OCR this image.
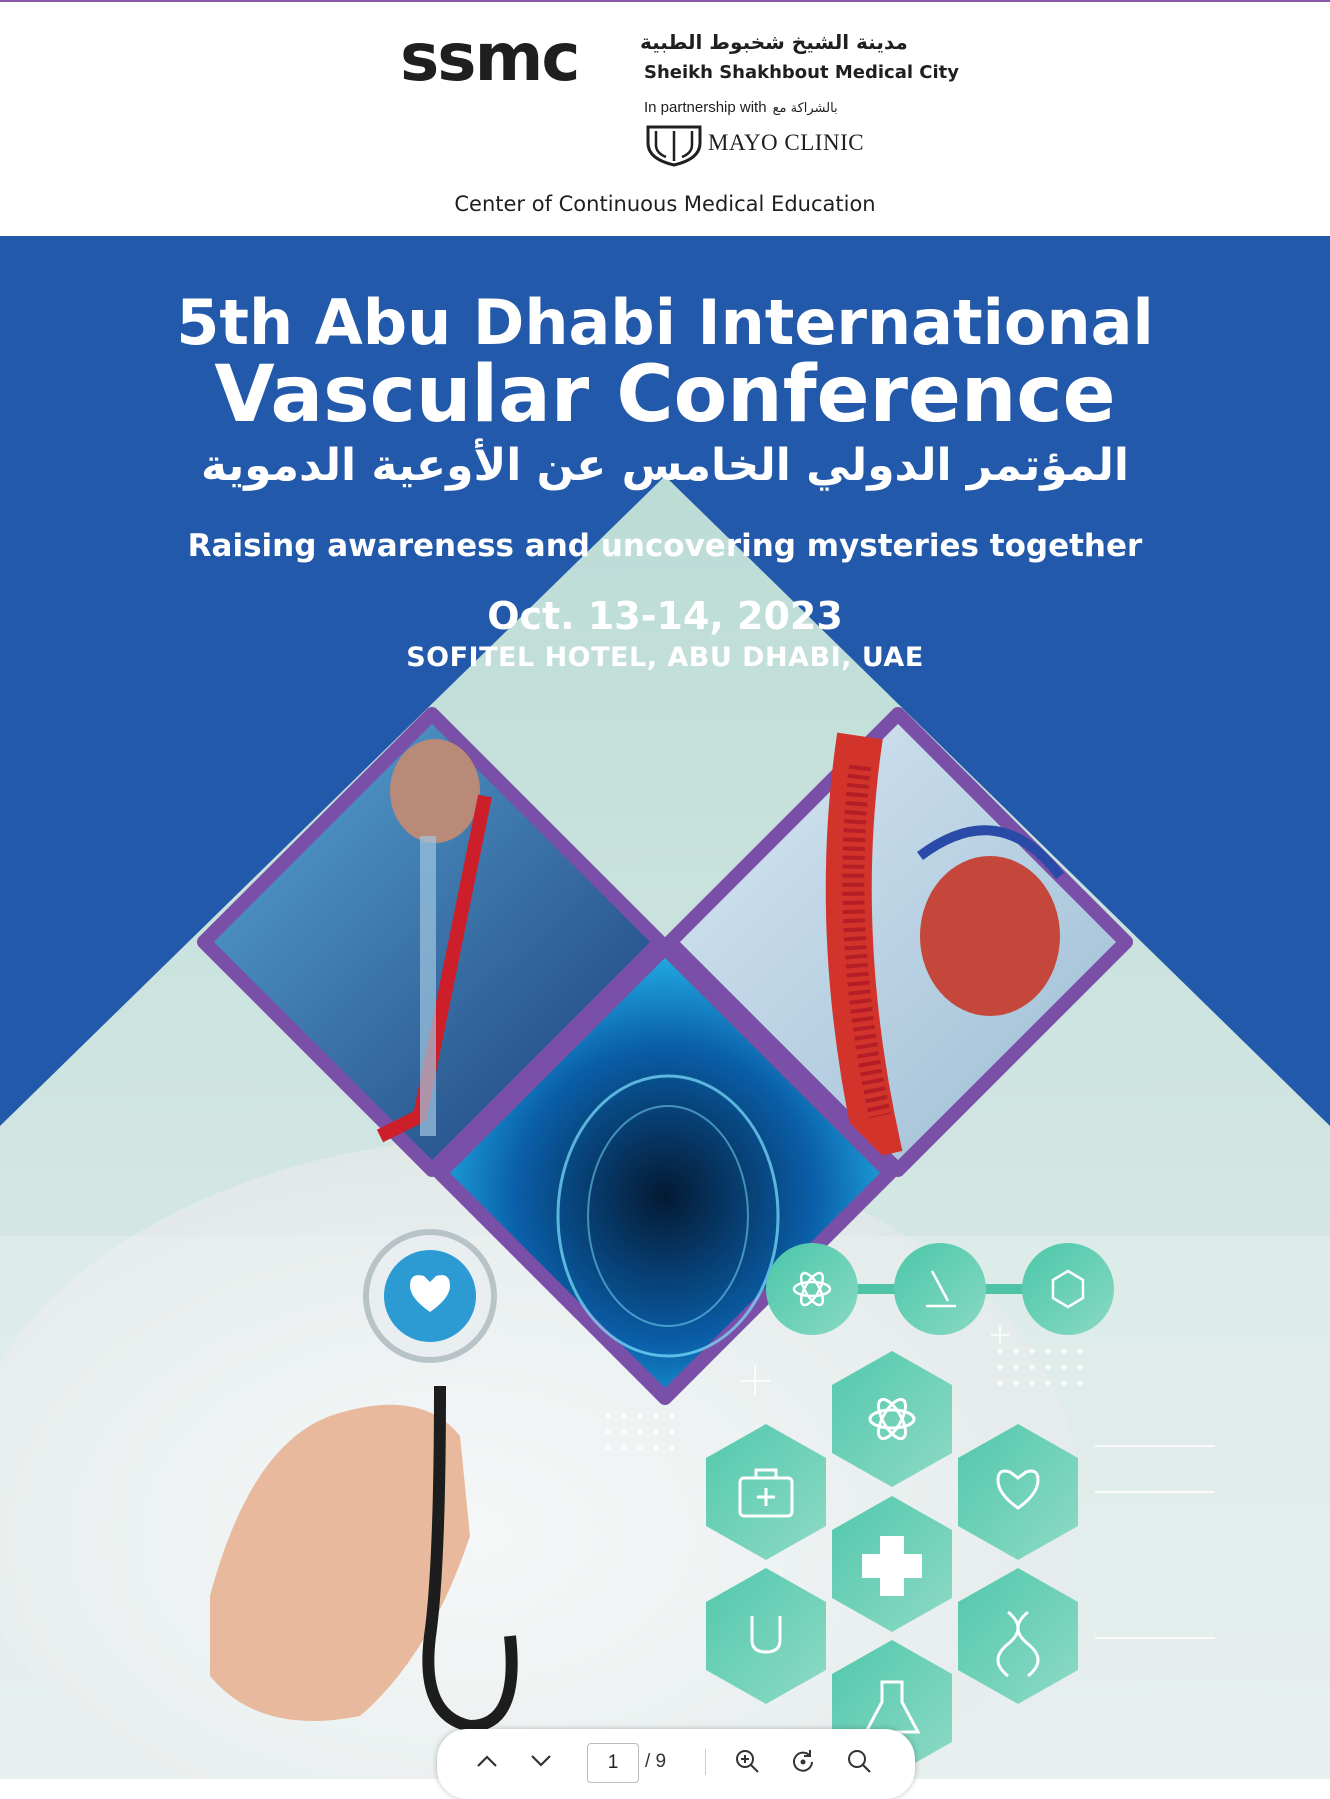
ssmc	مدينة الشيخ شخبوط الطبية
Sheikh Shakhbout Medical City
In partnership with بالشراكة مع
MAYO CLINIC
Center of Continuous Medical Education
5th Abu Dhabi International
Vascular Conference
المؤتمر الدولي الخامس عن الأوعية الدموية
Raising awareness and uncovering mysteries together
Oct. 13-14, 2023
SOFITEL HOTEL, ABU DHABI, UAE
1	/ 9
